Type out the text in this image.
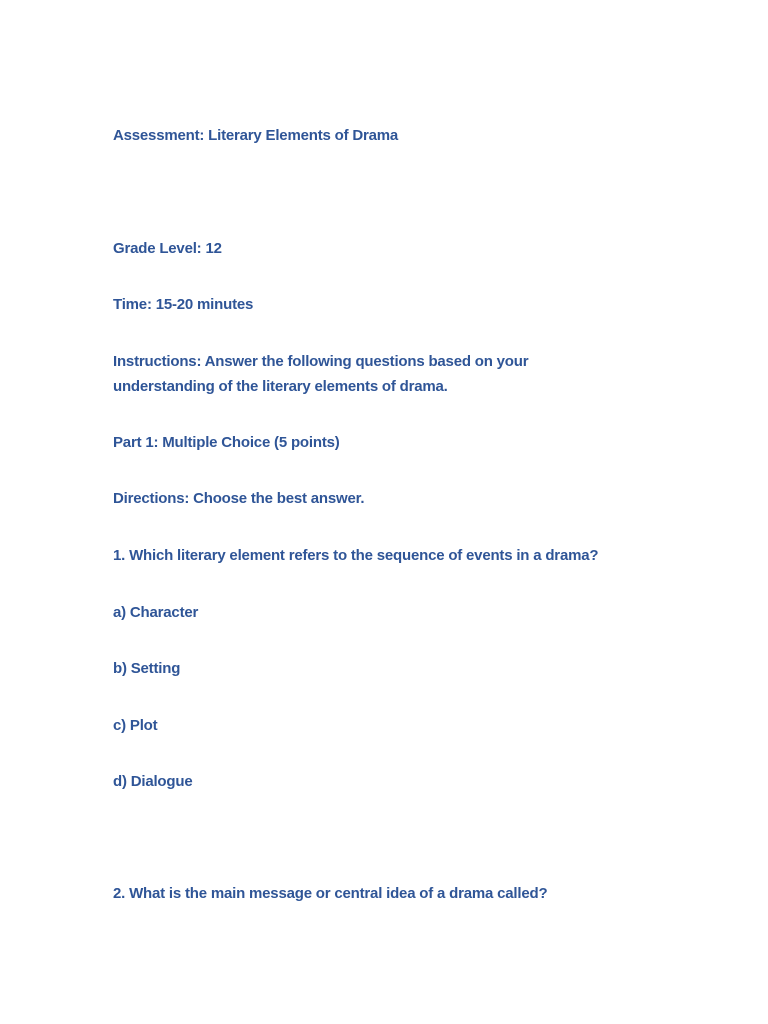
Assessment: Literary Elements of Drama

Grade Level: 12

Time: 15-20 minutes

Instructions: Answer the following questions based on your

understanding of the literary elements of drama.

Part 1: Multiple Choice (5 points)

Directions: Choose the best answer.

1. Which literary element refers to the sequence of events in a drama?

a) Character

b) Setting

c) Plot

d) Dialogue

2. What is the main message or central idea of a drama called?
